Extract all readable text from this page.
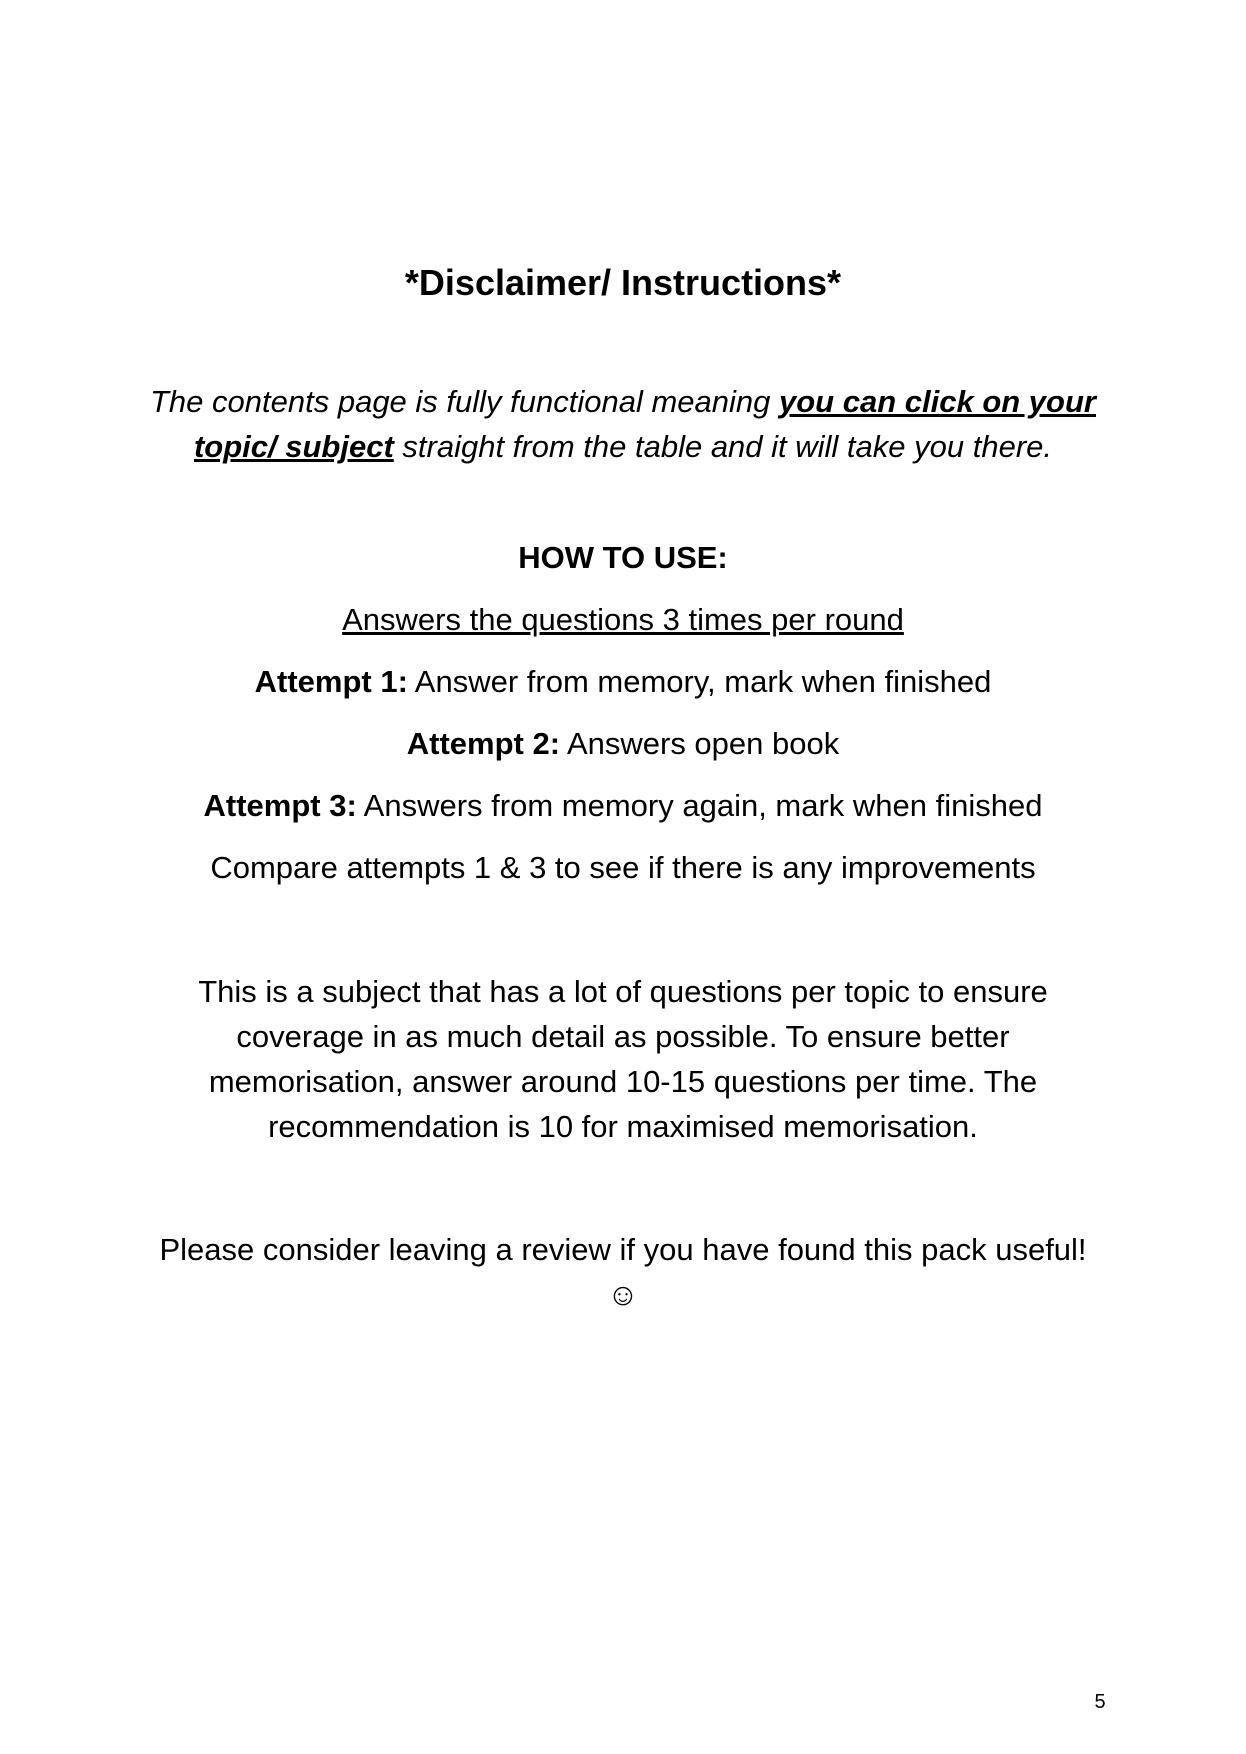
*Disclaimer/ Instructions*
The contents page is fully functional meaning you can click on your topic/ subject straight from the table and it will take you there.
HOW TO USE:
Answers the questions 3 times per round
Attempt 1: Answer from memory, mark when finished
Attempt 2: Answers open book
Attempt 3: Answers from memory again, mark when finished
Compare attempts 1 & 3 to see if there is any improvements
This is a subject that has a lot of questions per topic to ensure coverage in as much detail as possible. To ensure better memorisation, answer around 10-15 questions per time. The recommendation is 10 for maximised memorisation.
Please consider leaving a review if you have found this pack useful! ☺
5
